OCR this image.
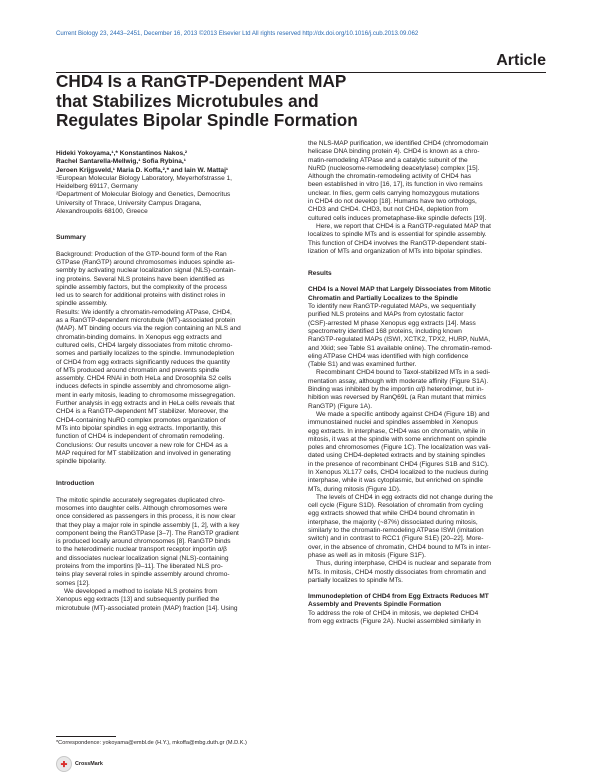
Current Biology 23, 2443–2451, December 16, 2013 ©2013 Elsevier Ltd All rights reserved http://dx.doi.org/10.1016/j.cub.2013.09.062
Article
CHD4 Is a RanGTP-Dependent MAP
that Stabilizes Microtubules and
Regulates Bipolar Spindle Formation
Hideki Yokoyama,¹,* Konstantinos Nakos,²
Rachel Santarella-Mellwig,¹ Sofia Rybina,¹
Jeroen Krijgsveld,¹ Maria D. Koffa,²,* and Iain W. Mattaj¹
¹European Molecular Biology Laboratory, Meyerhofstrasse 1,
Heidelberg 69117, Germany
²Department of Molecular Biology and Genetics, Democritus
University of Thrace, University Campus Dragana,
Alexandroupolis 68100, Greece
Summary

Background: Production of the GTP-bound form of the Ran
GTPase (RanGTP) around chromosomes induces spindle as-
sembly by activating nuclear localization signal (NLS)-contain-
ing proteins. Several NLS proteins have been identified as
spindle assembly factors, but the complexity of the process
led us to search for additional proteins with distinct roles in
spindle assembly.
Results: We identify a chromatin-remodeling ATPase, CHD4,
as a RanGTP-dependent microtubule (MT)-associated protein
(MAP). MT binding occurs via the region containing an NLS and
chromatin-binding domains. In Xenopus egg extracts and
cultured cells, CHD4 largely dissociates from mitotic chromo-
somes and partially localizes to the spindle. Immunodepletion
of CHD4 from egg extracts significantly reduces the quantity
of MTs produced around chromatin and prevents spindle
assembly. CHD4 RNAi in both HeLa and Drosophila S2 cells
induces defects in spindle assembly and chromosome align-
ment in early mitosis, leading to chromosome missegregation.
Further analysis in egg extracts and in HeLa cells reveals that
CHD4 is a RanGTP-dependent MT stabilizer. Moreover, the
CHD4-containing NuRD complex promotes organization of
MTs into bipolar spindles in egg extracts. Importantly, this
function of CHD4 is independent of chromatin remodeling.
Conclusions: Our results uncover a new role for CHD4 as a
MAP required for MT stabilization and involved in generating
spindle bipolarity.

Introduction

The mitotic spindle accurately segregates duplicated chro-
mosomes into daughter cells. Although chromosomes were
once considered as passengers in this process, it is now clear
that they play a major role in spindle assembly [1, 2], with a key
component being the RanGTPase [3–7]. The RanGTP gradient
is produced locally around chromosomes [8]. RanGTP binds
to the heterodimeric nuclear transport receptor importin α/β
and dissociates nuclear localization signal (NLS)-containing
proteins from the importins [9–11]. The liberated NLS pro-
teins play several roles in spindle assembly around chromo-
somes [12].
We developed a method to isolate NLS proteins from
Xenopus egg extracts [13] and subsequently purified the
microtubule (MT)-associated protein (MAP) fraction [14]. Using

the NLS-MAP purification, we identified CHD4 (chromodomain
helicase DNA binding protein 4). CHD4 is known as a chro-
matin-remodeling ATPase and a catalytic subunit of the
NuRD (nucleosome-remodeling deacetylase) complex [15].
Although the chromatin-remodeling activity of CHD4 has
been established in vitro [16, 17], its function in vivo remains
unclear. In flies, germ cells carrying homozygous mutations
in CHD4 do not develop [18]. Humans have two orthologs,
CHD3 and CHD4. CHD3, but not CHD4, depletion from
cultured cells induces prometaphase-like spindle defects [19].
Here, we report that CHD4 is a RanGTP-regulated MAP that
localizes to spindle MTs and is essential for spindle assembly.
This function of CHD4 involves the RanGTP-dependent stabi-
lization of MTs and organization of MTs into bipolar spindles.

Results
CHD4 Is a Novel MAP that Largely Dissociates from Mitotic
Chromatin and Partially Localizes to the Spindle

To identify new RanGTP-regulated MAPs, we sequentially
purified NLS proteins and MAPs from cytostatic factor
(CSF)-arrested M phase Xenopus egg extracts [14]. Mass
spectrometry identified 168 proteins, including known
RanGTP-regulated MAPs (ISWI, XCTK2, TPX2, HURP, NuMA,
and Xkid; see Table S1 available online). The chromatin-remod-
eling ATPase CHD4 was identified with high confidence
(Table S1) and was examined further.
Recombinant CHD4 bound to Taxol-stabilized MTs in a sedi-
mentation assay, although with moderate affinity (Figure S1A).
Binding was inhibited by the importin α/β heterodimer, but in-
hibition was reversed by RanQ69L (a Ran mutant that mimics
RanGTP) (Figure 1A).
We made a specific antibody against CHD4 (Figure 1B) and
immunostained nuclei and spindles assembled in Xenopus
egg extracts. In interphase, CHD4 was on chromatin, while in
mitosis, it was at the spindle with some enrichment on spindle
poles and chromosomes (Figure 1C). The localization was vali-
dated using CHD4-depleted extracts and by staining spindles
in the presence of recombinant CHD4 (Figures S1B and S1C).
In Xenopus XL177 cells, CHD4 localized to the nucleus during
interphase, while it was cytoplasmic, but enriched on spindle
MTs, during mitosis (Figure 1D).
The levels of CHD4 in egg extracts did not change during the
cell cycle (Figure S1D). Resolation of chromatin from cycling
egg extracts showed that while CHD4 bound chromatin in
interphase, the majority (~87%) dissociated during mitosis,
similarly to the chromatin-remodeling ATPase ISWI (imitation
switch) and in contrast to RCC1 (Figure S1E) [20–22]. More-
over, in the absence of chromatin, CHD4 bound to MTs in inter-
phase as well as in mitosis (Figure S1F).
Thus, during interphase, CHD4 is nuclear and separate from
MTs. In mitosis, CHD4 mostly dissociates from chromatin and
partially localizes to spindle MTs.

Immunodepletion of CHD4 from Egg Extracts Reduces MT
Assembly and Prevents Spindle Formation

To address the role of CHD4 in mitosis, we depleted CHD4
from egg extracts (Figure 2A). Nuclei assembled similarly in

*Correspondence: yokoyama@embl.de (H.Y.), mkoffa@mbg.duth.gr (M.D.K.)
✚	CrossMark
